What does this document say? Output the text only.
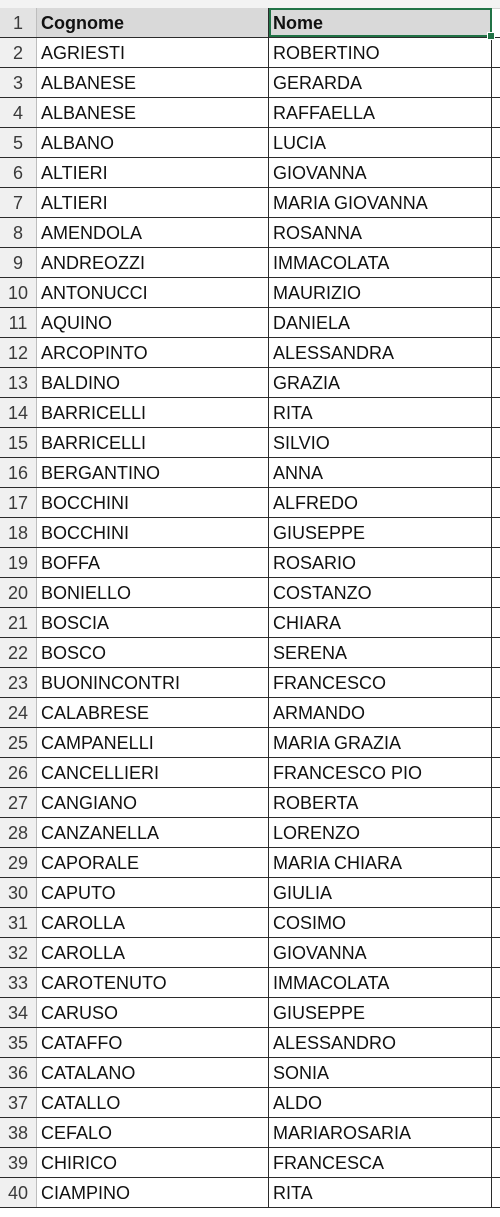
1	Cognome	Nome
2	AGRIESTI	ROBERTINO
3	ALBANESE	GERARDA
4	ALBANESE	RAFFAELLA
5	ALBANO	LUCIA
6	ALTIERI	GIOVANNA
7	ALTIERI	MARIA GIOVANNA
8	AMENDOLA	ROSANNA
9	ANDREOZZI	IMMACOLATA
10 ANTONUCCI	MAURIZIO
11 AQUINO	DANIELA
12 ARCOPINTO	ALESSANDRA
13 BALDINO	GRAZIA
14 BARRICELLI	RITA
15 BARRICELLI	SILVIO
16 BERGANTINO	ANNA
17 BOCCHINI	ALFREDO
18 BOCCHINI	GIUSEPPE
19 BOFFA	ROSARIO
20 BONIELLO	COSTANZO
21 BOSCIA	CHIARA
22 BOSCO	SERENA
23 BUONINCONTRI	FRANCESCO
24 CALABRESE	ARMANDO
25 CAMPANELLI	MARIA GRAZIA
26 CANCELLIERI	FRANCESCO PIO
27 CANGIANO	ROBERTA
28 CANZANELLA	LORENZO
29 CAPORALE	MARIA CHIARA
30 CAPUTO	GIULIA
31 CAROLLA	COSIMO
32 CAROLLA	GIOVANNA
33 CAROTENUTO	IMMACOLATA
34 CARUSO	GIUSEPPE
35 CATAFFO	ALESSANDRO
36 CATALANO	SONIA
37 CATALLO	ALDO
38 CEFALO	MARIAROSARIA
39 CHIRICO	FRANCESCA
40 CIAMPINO	RITA
